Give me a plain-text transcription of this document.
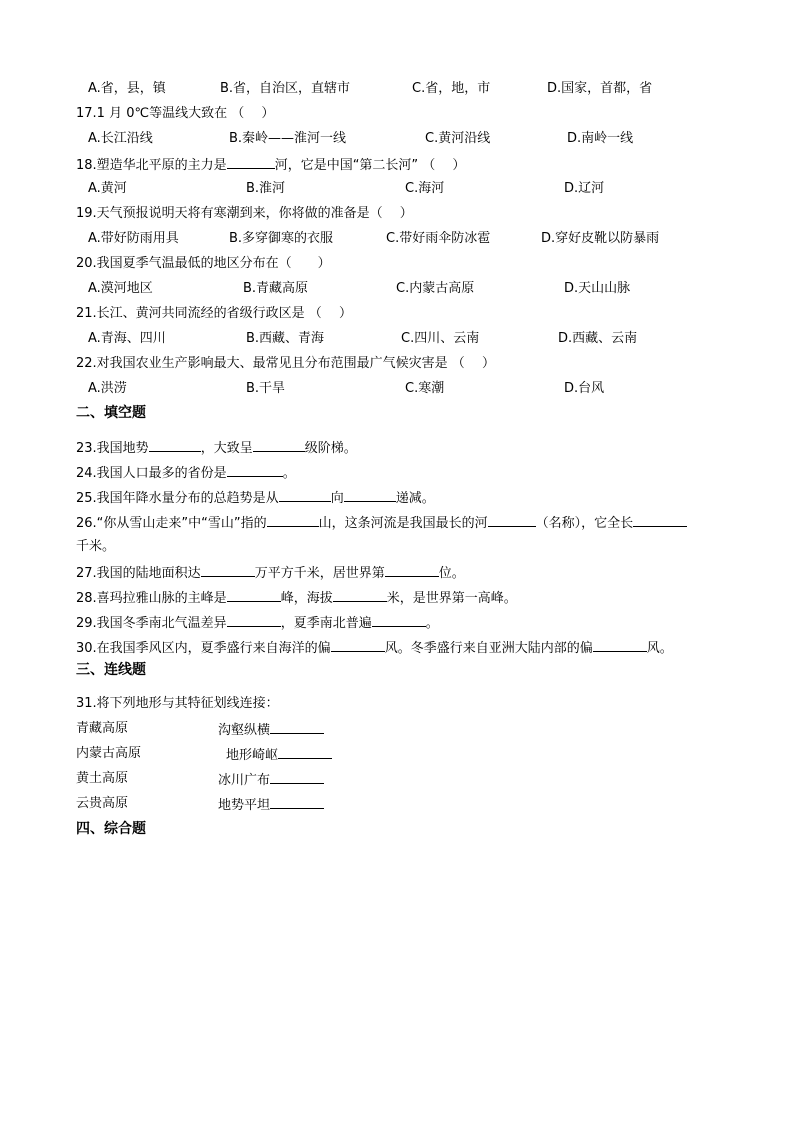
A.省，县，镇	B.省，自治区，直辖市	C.省，地，市	D.国家，首都，省
17.1 月 0℃等温线大致在 （　 ）
A.长江沿线	B.秦岭——淮河一线	C.黄河沿线	D.南岭一线
18.塑造华北平原的主力是	河，它是中国“第二长河” （　 ）
A.黄河	B.淮河	C.海河	D.辽河
19.天气预报说明天将有寒潮到来，你将做的准备是（　 ）
A.带好防雨用具	B.多穿御寒的衣服	C.带好雨伞防冰雹	D.穿好皮靴以防暴雨
20.我国夏季气温最低的地区分布在（　　）
A.漠河地区	B.青藏高原	C.内蒙古高原	D.天山山脉
21.长江、黄河共同流经的省级行政区是 （　 ）
A.青海、四川	B.西藏、青海	C.四川、云南	D.西藏、云南
22.对我国农业生产影响最大、最常见且分布范围最广气候灾害是 （　 ）
A.洪涝	B.干旱	C.寒潮	D.台风
二、填空题
23.我国地势	，大致呈	级阶梯。
24.我国人口最多的省份是	。
25.我国年降水量分布的总趋势是从	向	递减。
26.“你从雪山走来”中“雪山”指的	山，这条河流是我国最长的河	（名称），它全长
千米。
27.我国的陆地面积达	万平方千米，居世界第	位。
28.喜玛拉雅山脉的主峰是	峰，海拔	米，是世界第一高峰。
29.我国冬季南北气温差异	，夏季南北普遍	。
30.在我国季风区内，夏季盛行来自海洋的偏	风。冬季盛行来自亚洲大陆内部的偏	风。
三、连线题
31.将下列地形与其特征划线连接：
青藏高原	沟壑纵横
内蒙古高原	地形崎岖
黄土高原	冰川广布
云贵高原	地势平坦
四、综合题
